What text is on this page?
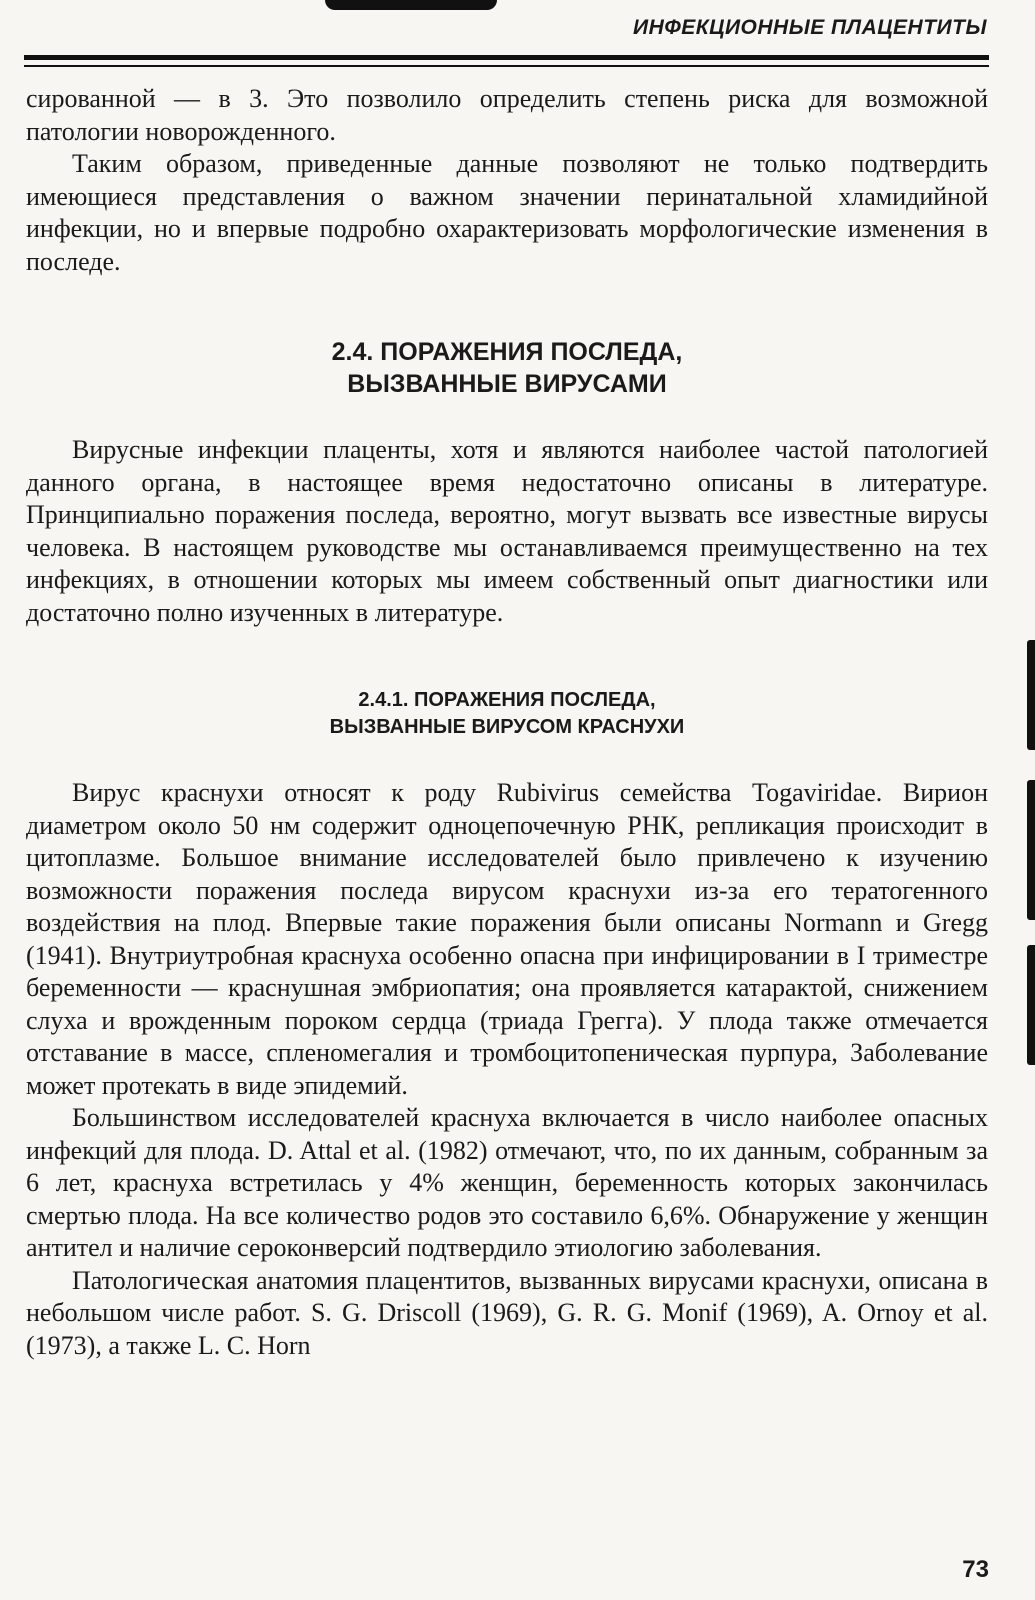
ИНФЕКЦИОННЫЕ ПЛАЦЕНТИТЫ

сированной — в 3. Это позволило определить степень риска для возможной патологии новорожденного.

Таким образом, приведенные данные позволяют не только подтвердить имеющиеся представления о важном значении перинатальной хламидийной инфекции, но и впервые подробно охарактеризовать морфологические изменения в последе.

2.4. ПОРАЖЕНИЯ ПОСЛЕДА,
ВЫЗВАННЫЕ ВИРУСАМИ

Вирусные инфекции плаценты, хотя и являются наиболее частой патологией данного органа, в настоящее время недостаточно описаны в литературе. Принципиально поражения последа, вероятно, могут вызвать все известные вирусы человека. В настоящем руководстве мы останавливаемся преимущественно на тех инфекциях, в отношении которых мы имеем собственный опыт диагностики или достаточно полно изученных в литературе.

2.4.1. ПОРАЖЕНИЯ ПОСЛЕДА,
ВЫЗВАННЫЕ ВИРУСОМ КРАСНУХИ

Вирус краснухи относят к роду Rubivirus семейства Togaviridae. Вирион диаметром около 50 нм содержит одноцепочечную РНК, репликация происходит в цитоплазме. Большое внимание исследователей было привлечено к изучению возможности поражения последа вирусом краснухи из-за его тератогенного воздействия на плод. Впервые такие поражения были описаны Normann и Gregg (1941). Внутриутробная краснуха особенно опасна при инфицировании в I триместре беременности — краснушная эмбриопатия; она проявляется катарактой, снижением слуха и врожденным пороком сердца (триада Грегга). У плода также отмечается отставание в массе, спленомегалия и тромбоцитопеническая пурпура, Заболевание может протекать в виде эпидемий.

Большинством исследователей краснуха включается в число наиболее опасных инфекций для плода. D. Attal et al. (1982) отмечают, что, по их данным, собранным за 6 лет, краснуха встретилась у 4% женщин, беременность которых закончилась смертью плода. На все количество родов это составило 6,6%. Обнаружение у женщин антител и наличие сероконверсий подтвердило этиологию заболевания.

Патологическая анатомия плацентитов, вызванных вирусами краснухи, описана в небольшом числе работ. S. G. Driscoll (1969), G. R. G. Monif (1969), A. Ornoy et al. (1973), а также L. C. Horn

73
